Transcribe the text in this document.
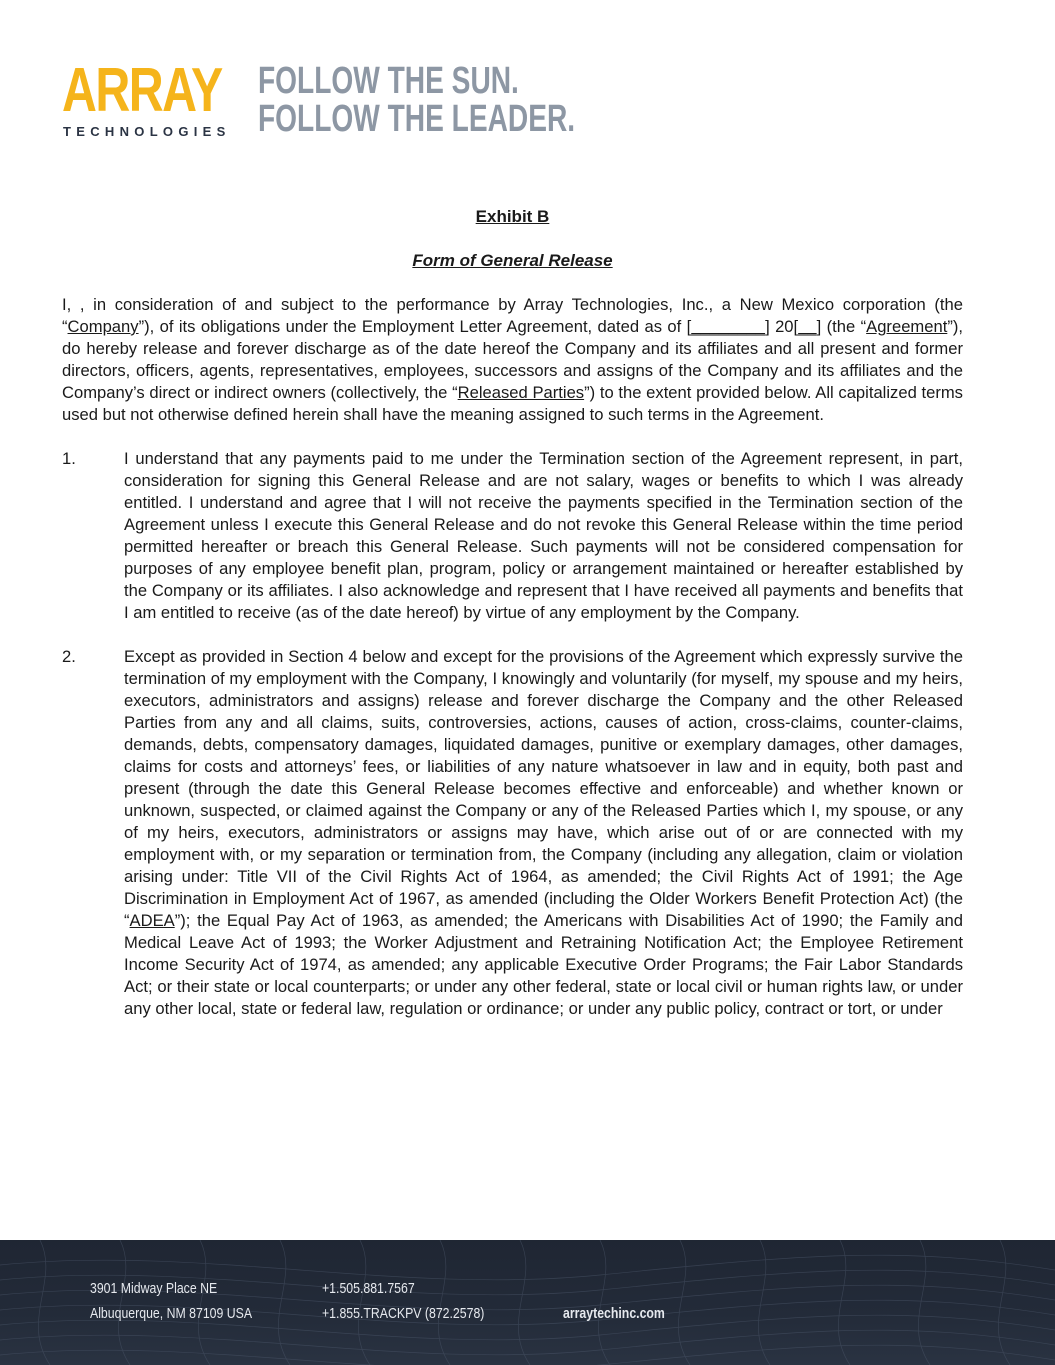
ARRAY
TECHNOLOGIES
FOLLOW THE SUN.
FOLLOW THE LEADER.
Exhibit B
Form of General Release

I, , in consideration of and subject to the performance by Array Technologies, Inc., a New Mexico corporation (the “Company”), of its obligations under the Employment Letter Agreement, dated as of [________] 20[__] (the “Agreement”), do hereby release and forever discharge as of the date hereof the Company and its affiliates and all present and former directors, officers, agents, representatives, employees, successors and assigns of the Company and its affiliates and the Company’s direct or indirect owners (collectively, the “Released Parties”) to the extent provided below. All capitalized terms used but not otherwise defined herein shall have the meaning assigned to such terms in the Agreement.

1.	I understand that any payments paid to me under the Termination section of the Agreement represent, in part, consideration for signing this General Release and are not salary, wages or benefits to which I was already entitled. I understand and agree that I will not receive the payments specified in the Termination section of the Agreement unless I execute this General Release and do not revoke this General Release within the time period permitted hereafter or breach this General Release. Such payments will not be considered compensation for purposes of any employee benefit plan, program, policy or arrangement maintained or hereafter established by the Company or its affiliates. I also acknowledge and represent that I have received all payments and benefits that I am entitled to receive (as of the date hereof) by virtue of any employment by the Company.

2.	Except as provided in Section 4 below and except for the provisions of the Agreement which expressly survive the termination of my employment with the Company, I knowingly and voluntarily (for myself, my spouse and my heirs, executors, administrators and assigns) release and forever discharge the Company and the other Released Parties from any and all claims, suits, controversies, actions, causes of action, cross-claims, counter-claims, demands, debts, compensatory damages, liquidated damages, punitive or exemplary damages, other damages, claims for costs and attorneys’ fees, or liabilities of any nature whatsoever in law and in equity, both past and present (through the date this General Release becomes effective and enforceable) and whether known or unknown, suspected, or claimed against the Company or any of the Released Parties which I, my spouse, or any of my heirs, executors, administrators or assigns may have, which arise out of or are connected with my employment with, or my separation or termination from, the Company (including any allegation, claim or violation arising under: Title VII of the Civil Rights Act of 1964, as amended; the Civil Rights Act of 1991; the Age Discrimination in Employment Act of 1967, as amended (including the Older Workers Benefit Protection Act) (the “ADEA”); the Equal Pay Act of 1963, as amended; the Americans with Disabilities Act of 1990; the Family and Medical Leave Act of 1993; the Worker Adjustment and Retraining Notification Act; the Employee Retirement Income Security Act of 1974, as amended; any applicable Executive Order Programs; the Fair Labor Standards Act; or their state or local counterparts; or under any other federal, state or local civil or human rights law, or under any other local, state or federal law, regulation or ordinance; or under any public policy, contract or tort, or under

3901 Midway Place NE
Albuquerque, NM 87109 USA
+1.505.881.7567
+1.855.TRACKPV (872.2578)	arraytechinc.com
